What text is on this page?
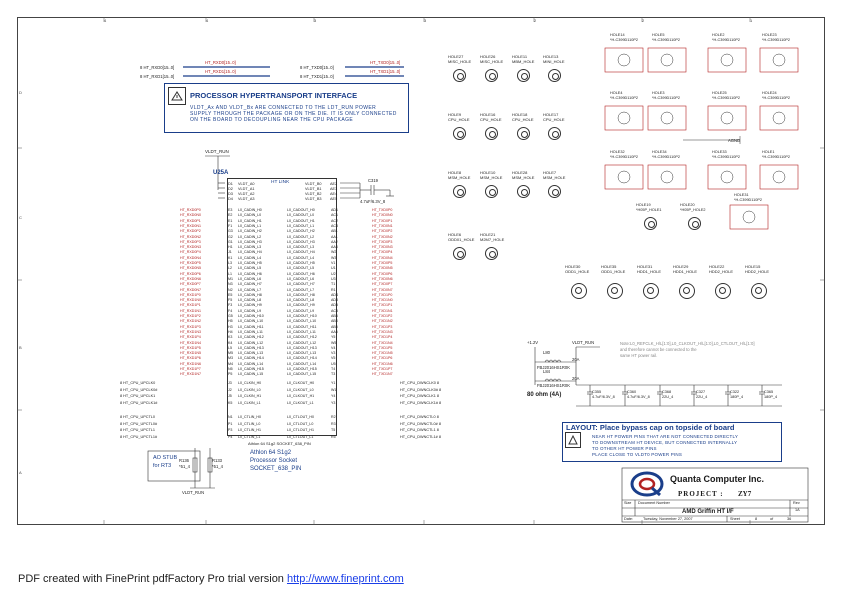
4	4	3	3	2	2	1
D
C
B
A
8 HT_RXD0[15..0]
HT_RXD0[15..0]
8 HT_RXD1[15..0]
HT_RXD1[15..0]
8 HT_TXD0[15..0]
HT_TXD0[15..0]
8 HT_TXD1[15..0]
HT_TXD1[15..0]
PROCESSOR HYPERTRANSPORT INTERFACE
VLDT_Ax AND VLDT_Bx ARE CONNECTED TO THE LDT_RUN POWER
SUPPLY THROUGH THE PACKAGE OR ON THE DIE. IT IS ONLY CONNECTED
ON THE BOARD TO DECOUPLING NEAR THE CPU PACKAGE
VLDT_RUN
U25A
HT LINK
D1 VLDT_A0	VLDT_B0 AE2
D2 VLDT_A1	VLDT_B1 AE3
D3 VLDT_A2	VLDT_B2 AE4
D4 VLDT_A3	VLDT_B3 AE5
HT_RXD0P0	E3 L0_CADIN_H0	L0_CADOUT_H0	AD1	HT_TXD0P0
HT_RXD0N0	E2 L0_CADIN_L0	L0_CADOUT_L0	AC1	HT_TXD0N0
HT_RXD0P1	E1 L0_CADIN_H1	L0_CADOUT_H1	AC2	HT_TXD0P1
HT_RXD0N1	F1 L0_CADIN_L1	L0_CADOUT_L1	AC3	HT_TXD0N1
HT_RXD0P2	G3 L0_CADIN_H2	L0_CADOUT_H2	AB1	HT_TXD0P2
HT_RXD0N2	G2 L0_CADIN_L2	L0_CADOUT_L2	AA1	HT_TXD0N2
HT_RXD0P3	G1 L0_CADIN_H3	L0_CADOUT_H3	AA2	HT_TXD0P3
HT_RXD0N3	H1 L0_CADIN_L3	L0_CADOUT_L3	AA3	HT_TXD0N3
HT_RXD0P4	J1 L0_CADIN_H4	L0_CADOUT_H4	W2	HT_TXD0P4
HT_RXD0N4	K1 L0_CADIN_L4	L0_CADOUT_L4	W3	HT_TXD0N4
HT_RXD0P5	L3 L0_CADIN_H5	L0_CADOUT_H5	V1	HT_TXD0P5
HT_RXD0N5	L2 L0_CADIN_L5	L0_CADOUT_L5	U1	HT_TXD0N5
HT_RXD0P6	L1 L0_CADIN_H6	L0_CADOUT_H6	U2	HT_TXD0P6
HT_RXD0N6	M1 L0_CADIN_L6	L0_CADOUT_L6	U3	HT_TXD0N6
HT_RXD0P7	N3 L0_CADIN_H7	L0_CADOUT_H7	T1	HT_TXD0P7
HT_RXD0N7	N2 L0_CADIN_L7	L0_CADOUT_L7	R1	HT_TXD0N7
HT_RXD1P0	E5 L0_CADIN_H8	L0_CADOUT_H8	AD4	HT_TXD1P0
HT_RXD1N0	F5 L0_CADIN_L8	L0_CADOUT_L8	AD3	HT_TXD1N0
HT_RXD1P1	F3 L0_CADIN_H9	L0_CADOUT_H9	AD5	HT_TXD1P1
HT_RXD1N1	F4 L0_CADIN_L9	L0_CADOUT_L9	AC5	HT_TXD1N1
HT_RXD1P2	G5 L0_CADIN_H10	L0_CADOUT_H10	AB4	HT_TXD1P2
HT_RXD1N2	H5 L0_CADIN_L10	L0_CADOUT_L10	AB3	HT_TXD1N2
HT_RXD1P3	H3 L0_CADIN_H11	L0_CADOUT_H11	AB5	HT_TXD1P3
HT_RXD1N3	H4 L0_CADIN_L11	L0_CADOUT_L11	AA5	HT_TXD1N3
HT_RXD1P4	K3 L0_CADIN_H12	L0_CADOUT_H12	Y5	HT_TXD1P4
HT_RXD1N4	K4 L0_CADIN_L12	L0_CADOUT_L12	W5	HT_TXD1N4
HT_RXD1P5	L5 L0_CADIN_H13	L0_CADOUT_H13	V4	HT_TXD1P5
HT_RXD1N5	M5 L0_CADIN_L13	L0_CADOUT_L13	V3	HT_TXD1N5
HT_RXD1P6	M3 L0_CADIN_H14	L0_CADOUT_H14	V5	HT_TXD1P6
HT_RXD1N6	M4 L0_CADIN_L14	L0_CADOUT_L14	U5	HT_TXD1N6
HT_RXD1P7	N5 L0_CADIN_H15	L0_CADOUT_H15	T4	HT_TXD1P7
HT_RXD1N7	P5 L0_CADIN_L15	L0_CADOUT_L15	T3	HT_TXD1N7
8 HT_CPU_UPCLK0	J3 L0_CLKIN_H0	L0_CLKOUT_H0	Y1	HT_CPU_DWNCLK0 8
8 HT_CPU_UPCLK0#	J2 L0_CLKIN_L0	L0_CLKOUT_L0	W1	HT_CPU_DWNCLK0# 8
8 HT_CPU_UPCLK1	J5 L0_CLKIN_H1	L0_CLKOUT_H1	Y4	HT_CPU_DWNCLK1 8
8 HT_CPU_UPCLK1#	K5 L0_CLKIN_L1	L0_CLKOUT_L1	Y3	HT_CPU_DWNCLK1# 8
8 HT_CPU_UPCTL0	N1 L0_CTLIN_H0	L0_CTLOUT_H0	R2	HT_CPU_DWNCTL0 8
8 HT_CPU_UPCTL0#	P1 L0_CTLIN_L0	L0_CTLOUT_L0	R3	HT_CPU_DWNCTL0# 8
8 HT_CPU_UPCTL1	P3 L0_CTLIN_H1	L0_CTLOUT_H1	T5	HT_CPU_DWNCTL1 8
8 HT_CPU_UPCTL1#	P4 L0_CTLIN_L1	L0_CTLOUT_L1	R5	HT_CPU_DWNCTL1# 8
C319
4.7uF/6.3V_8
Athlon 64 S1g2 SOCKET_638_PIN
Athlon 64 S1g2
Processor Socket
SOCKET_638_PIN
AO STUB
for RT3
R136
*51_4
R133
*51_4
VLDT_RUN
HOLE27
MISC_HOLE
HOLE26
MISC_HOLE
HOLE11
MBM_HOLE
HOLE13
MINI_HOLE
HOLE9
CPU_HOLE
HOLE16
CPU_HOLE
HOLE18
CPU_HOLE
HOLE17
CPU_HOLE
HOLE8
MSM_HOLE
HOLE10
MSM_HOLE
HOLE28
MSM_HOLE
HOLE7
MSM_HOLE
HOLE6
ODD01_HOLE
HOLE21
M2M7_HOLE
HOLE14
*H-C399D110P2
HOLE5
*H-C399D110P2
HOLE2
*H-C399D110P2
HOLE23
*H-C399D110P2
HOLE4
*H-C399D110P2
HOLE3
*H-C399D110P2
HOLE25
*H-C399D110P2
HOLE24
*H-C399D110P2
HOLE32
*H-C399D110P2
HOLE34
*H-C399D110P2
HOLE33
*H-C399D110P2
HOLE1
*H-C399D110P2
AGND
HOLE19
*H05P_HOLE1
HOLE20
*H05P_HOLE2
HOLE31
*H-C399D110P2
HOLE30
ODD1_HOLE
HOLE35
ODD1_HOLE
HOLE31
HDD1_HOLE
HOLE29
HDD1_HOLE
HOLE22
HDD2_HOLE
HOLE15
HDD2_HOLE
+1.2V	VLDT_RUN
L80
FBJ2016HS1R0K
20A
L84
FBJ2016HS1R0K
20A
80 ohm (4A)
Note:L0_REFCLK_H/L[1:0],L0_CLKOUT_H/L[1:0],L0_CTLOUT_H/L[1:0]
and therefore cannot be connected to the
same HT power rail.
C355
4.7uF/6.3V_8
C360
4.7uF/6.3V_8
C368
22U_4
C327
22U_4
C322
180P_4
C365
180P_4
LAYOUT: Place bypass cap on topside of board
NEAR HT POWER PINS THAT ARE NOT CONNECTED DIRECTLY
TO DOWNSTREAM HT DEVICE, BUT CONNECTED INTERNALLY
TO OTHER HT POWER PINS
PLACE CLOSE TO VLDT0 POWER PINS
Quanta Computer Inc.
PROJECT : ZY7
Size Document Number	Rev
1A
AMD Griffin HT I/F
Date:	Tuesday, November 27, 2007	Sheet	8	of	36
PDF created with FinePrint pdfFactory Pro trial version http://www.fineprint.com
